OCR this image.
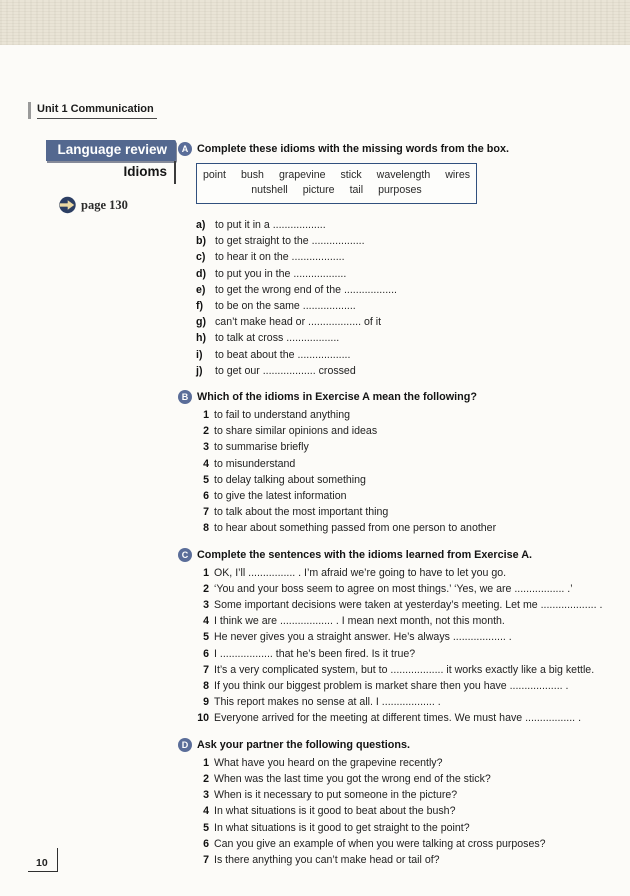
Unit 1 Communication
Language review
Idioms
page 130
A Complete these idioms with the missing words from the box.
point bush grapevine stick wavelength wires
nutshell picture tail purposes
a) to put it in a ..................
b) to get straight to the ..................
c) to hear it on the ..................
d) to put you in the ..................
e) to get the wrong end of the ..................
f)	to be on the same ..................
g) can’t make head or .................. of it
h) to talk at cross ..................
i)	to beat about the ..................
j)	to get our .................. crossed
B Which of the idioms in Exercise A mean the following?
1 to fail to understand anything
2 to share similar opinions and ideas
3 to summarise briefly
4 to misunderstand
5 to delay talking about something
6 to give the latest information
7 to talk about the most important thing
8 to hear about something passed from one person to another
C Complete the sentences with the idioms learned from Exercise A.
1 OK, I’ll ................ . I’m afraid we’re going to have to let you go.
2 ‘You and your boss seem to agree on most things.’ ‘Yes, we are ................. .’
3 Some important decisions were taken at yesterday’s meeting. Let me ................... .
4 I think we are .................. . I mean next month, not this month.
5 He never gives you a straight answer. He’s always .................. .
6 I .................. that he’s been fired. Is it true?
7 It’s a very complicated system, but to .................. it works exactly like a big kettle.
8 If you think our biggest problem is market share then you have .................. .
9 This report makes no sense at all. I .................. .
10 Everyone arrived for the meeting at different times. We must have ................. .
D Ask your partner the following questions.
1 What have you heard on the grapevine recently?
2 When was the last time you got the wrong end of the stick?
3 When is it necessary to put someone in the picture?
4 In what situations is it good to beat about the bush?
5 In what situations is it good to get straight to the point?
6 Can you give an example of when you were talking at cross purposes?
7 Is there anything you can’t make head or tail of?
10
